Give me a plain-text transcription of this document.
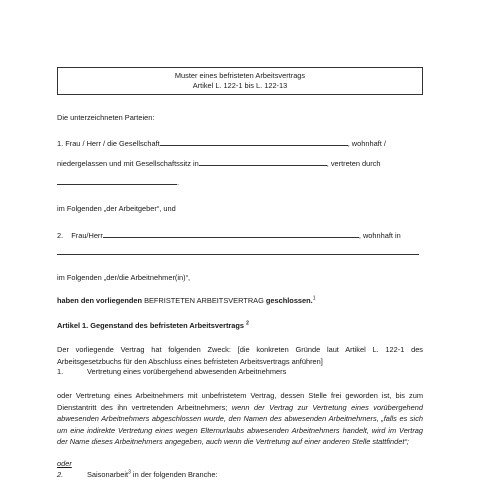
Muster eines befristeten Arbeitsvertrags
Artikel L. 122-1 bis L. 122-13
Die unterzeichneten Parteien:
1. Frau / Herr / die Gesellschaft	, wohnhaft /
niedergelassen und mit Gesellschaftssitz in	, vertreten durch
.
im Folgenden „der Arbeitgeber“, und
2. Frau/Herr	, wohnhaft in
im Folgenden „der/die Arbeitnehmer(in)“,
haben den vorliegenden BEFRISTETEN ARBEITSVERTRAG geschlossen.$^1$
Artikel 1. Gegenstand des befristeten Arbeitsvertrags $^2$
Der vorliegende Vertrag hat folgenden Zweck: [die konkreten Gründe laut Artikel L. 122-1 des Arbeitsgesetzbuchs für den Abschluss eines befristeten Arbeitsvertrags anführen]
1.	Vertretung eines vorübergehend abwesenden Arbeitnehmers
oder Vertretung eines Arbeitnehmers mit unbefristetem Vertrag, dessen Stelle frei geworden ist, bis zum Dienstantritt des ihn vertretenden Arbeitnehmers; wenn der Vertrag zur Vertretung eines vorübergehend abwesenden Arbeitnehmers abgeschlossen wurde, den Namen des abwesenden Arbeitnehmers, „falls es sich um eine indirekte Vertretung eines wegen Elternurlaubs abwesenden Arbeitnehmers handelt, wird im Vertrag der Name dieses Arbeitnehmers angegeben, auch wenn die Vertretung auf einer anderen Stelle stattfindet“;
oder
2.	Saisonarbeit$^3$ in der folgenden Branche:
